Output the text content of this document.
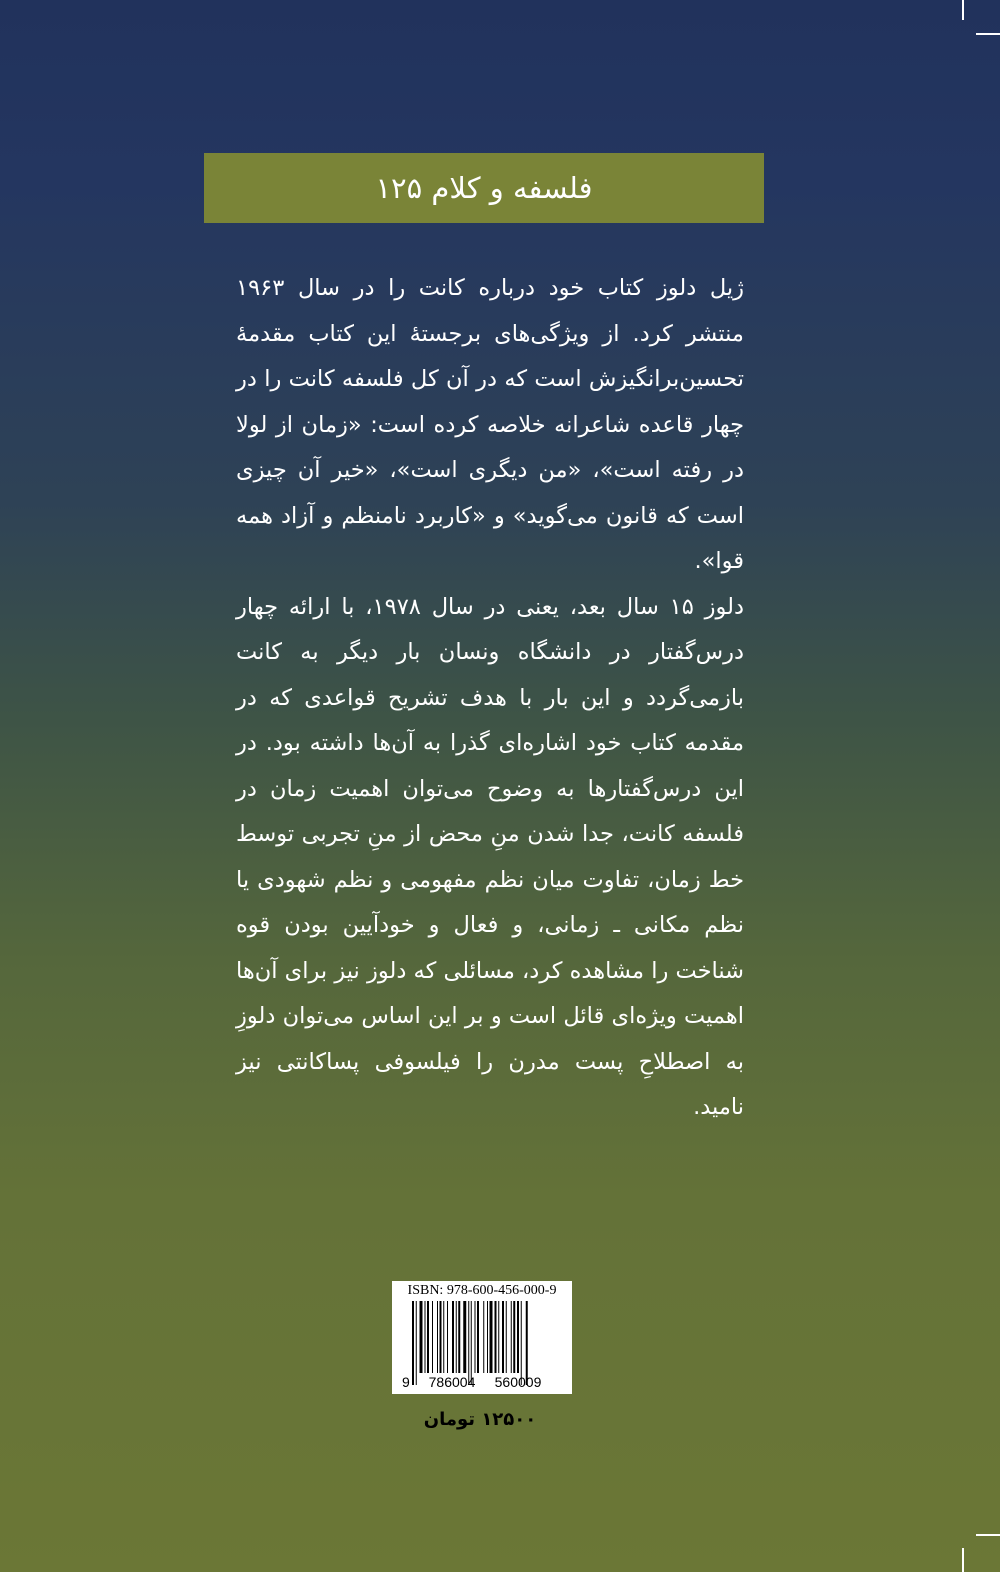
فلسفه و کلام ۱۲۵

ژیل دلوز کتاب خود درباره کانت را در سال ۱۹۶۳ منتشر کرد. از ویژگی‌های برجستهٔ این کتاب مقدمهٔ تحسین‌برانگیزش است که در آن کل فلسفه کانت را در چهار قاعده شاعرانه خلاصه کرده است: «زمان از لولا در رفته است»، «من دیگری است»، «خیر آن چیزی است که قانون می‌گوید» و «کاربرد نامنظم و آزاد همه قوا».

دلوز ۱۵ سال بعد، یعنی در سال ۱۹۷۸، با ارائه چهار درس‌گفتار در دانشگاه ونسان بار دیگر به کانت بازمی‌گردد و این بار با هدف تشریح قواعدی که در مقدمه کتاب خود اشاره‌ای گذرا به آن‌ها داشته بود. در این درس‌گفتارها به وضوح می‌توان اهمیت زمان در فلسفه کانت، جدا شدن منِ محض از منِ تجربی توسط خط زمان، تفاوت میان نظم مفهومی و نظم شهودی یا نظم مکانی ـ زمانی، و فعال و خودآیین بودن قوه شناخت را مشاهده کرد، مسائلی که دلوز نیز برای آن‌ها اهمیت ویژه‌ای قائل است و بر این اساس می‌توان دلوزِ به اصطلاحِ پست مدرن را فیلسوفی پساکانتی نیز نامید.

ISBN: 978-600-456-000-9
9 786004 560009
۱۲۵۰۰ تومان
